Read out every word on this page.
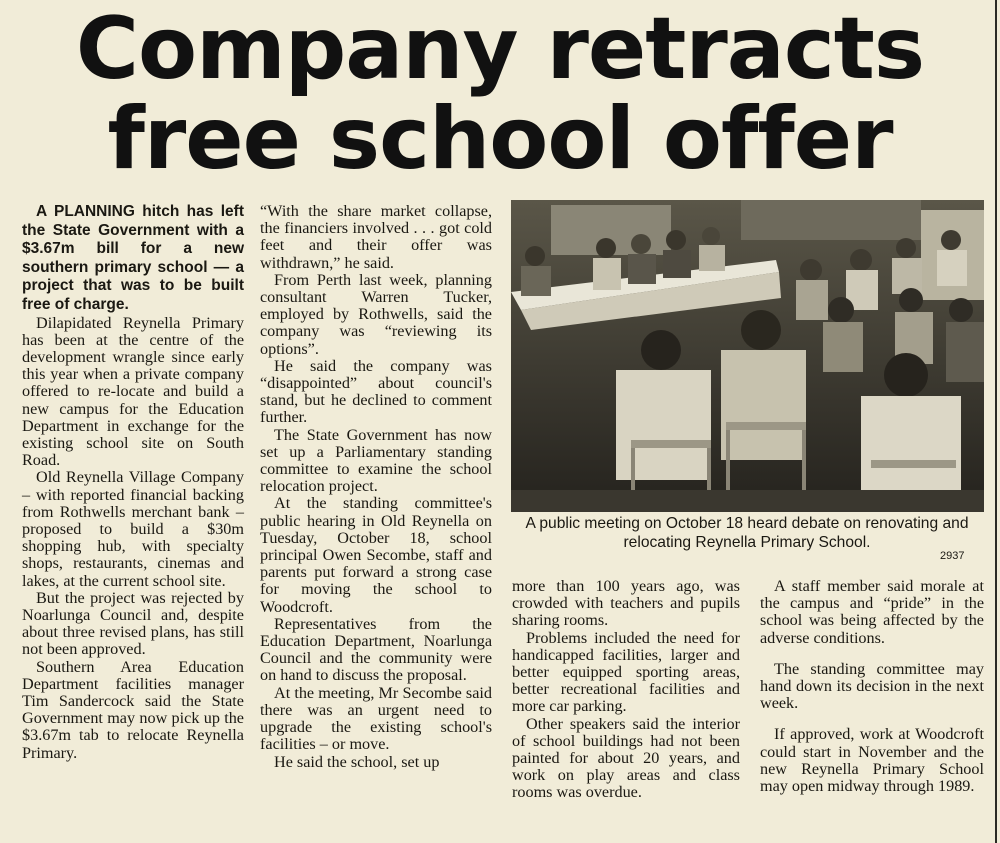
Company retracts
free school offer

A PLANNING hitch has left the State Government with a $3.67m bill for a new southern primary school — a project that was to be built free of charge.

Dilapidated Reynella Primary has been at the centre of the development wrangle since early this year when a private company offered to re-locate and build a new campus for the Education Department in exchange for the existing school site on South Road.

Old Reynella Village Company – with reported financial backing from Rothwells merchant bank – proposed to build a $30m shopping hub, with specialty shops, restaurants, cinemas and lakes, at the current school site.

But the project was rejected by Noarlunga Council and, despite about three revised plans, has still not been approved.

Southern Area Education Department facilities manager Tim Sandercock said the State Government may now pick up the $3.67m tab to relocate Reynella Primary.

“With the share market collapse, the financiers involved . . . got cold feet and their offer was withdrawn,” he said.

From Perth last week, planning consultant Warren Tucker, employed by Rothwells, said the company was “reviewing its options”.

He said the company was “disappointed” about council's stand, but he declined to comment further.

The State Government has now set up a Parliamentary standing committee to examine the school relocation project.

At the standing committee's public hearing in Old Reynella on Tuesday, October 18, school principal Owen Secombe, staff and parents put forward a strong case for moving the school to Woodcroft.

Representatives from the Education Department, Noarlunga Council and the community were on hand to discuss the proposal.

At the meeting, Mr Secombe said there was an urgent need to upgrade the existing school's facilities – or move.

He said the school, set up

A public meeting on October 18 heard debate on renovating and relocating Reynella Primary School.
2937

more than 100 years ago, was crowded with teachers and pupils sharing rooms.

Problems included the need for handicapped facilities, larger and better equipped sporting areas, better recreational facilities and more car parking.

Other speakers said the interior of school buildings had not been painted for about 20 years, and work on play areas and class rooms was overdue.

A staff member said morale at the campus and “pride” in the school was being affected by the adverse conditions.

The standing committee may hand down its decision in the next week.

If approved, work at Woodcroft could start in November and the new Reynella Primary School may open midway through 1989.
